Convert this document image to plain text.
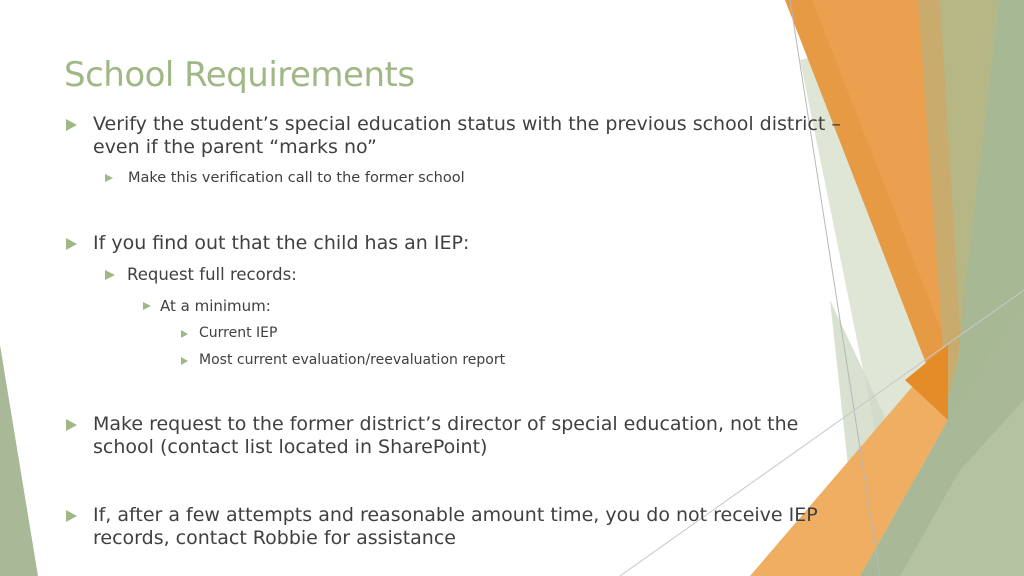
School Requirements
Verify the student’s special education status with the previous school district – even if the parent “marks no”
Make this verification call to the former school
If you find out that the child has an IEP:
Request full records:
At a minimum:
Current IEP
Most current evaluation/reevaluation report
Make request to the former district’s director of special education, not the school (contact list located in SharePoint)
If, after a few attempts and reasonable amount time, you do not receive IEP records, contact Robbie for assistance
